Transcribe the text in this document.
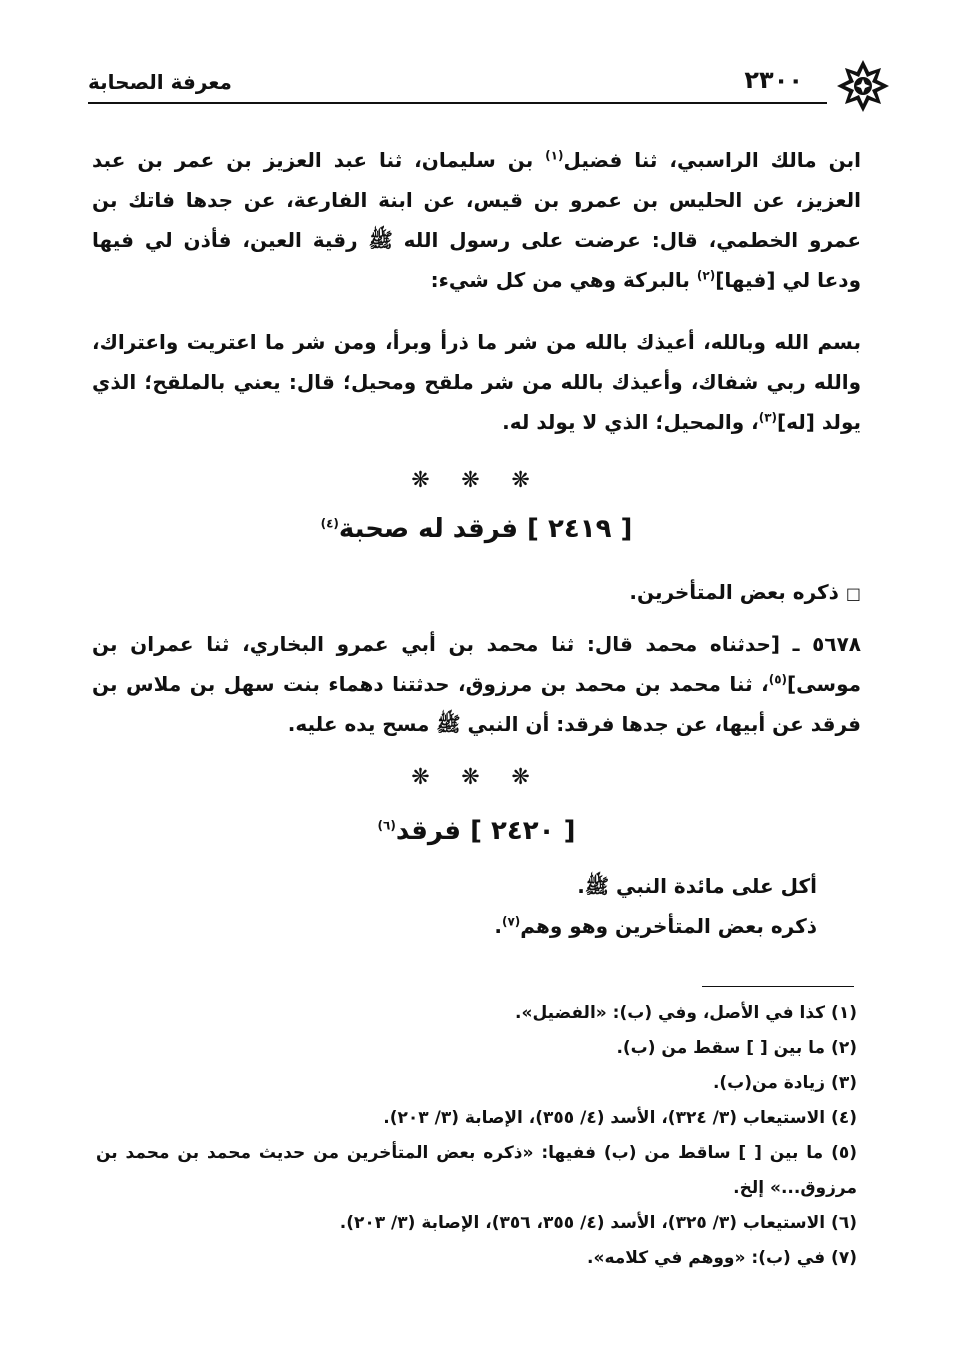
٢٣٠٠
معرفة الصحابة

ابن مالك الراسبي، ثنا فضيل$^{(١)}$ بن سليمان، ثنا عبد العزيز بن عمر بن عبد العزيز، عن الحليس بن عمرو بن قيس، عن ابنة الفارعة، عن جدها فاتك بن عمرو الخطمي، قال: عرضت على رسول الله ﷺ رقية العين، فأذن لي فيها ودعا لي [فيها]$^{(٢)}$ بالبركة وهي من كل شيء:

بسم الله وبالله، أعيذك بالله من شر ما ذرأ وبرأ، ومن شر ما اعتريت واعتراك، والله ربي شفاك، وأعيذك بالله من شر ملقح ومحيل؛ قال: يعني بالملقح؛ الذي يولد [له]$^{(٣)}$، والمحيل؛ الذي لا يولد له.

❋ ❋ ❋
[ ٢٤١٩ ] فرقد له صحبة$^{(٤)}$

□ ذكره بعض المتأخرين.

٥٦٧٨ ـ [حدثناه محمد قال: ثنا محمد بن أبي عمرو البخاري، ثنا عمران بن موسى]$^{(٥)}$، ثنا محمد بن محمد بن مرزوق، حدثتنا دهماء بنت سهل بن ملاس بن فرقد عن أبيها، عن جدها فرقد: أن النبي ﷺ مسح يده عليه.

❋ ❋ ❋
[ ٢٤٢٠ ] فرقد$^{(٦)}$

أكل على مائدة النبي ﷺ.

ذكره بعض المتأخرين وهو وهم$^{(٧)}$.

(١) كذا في الأصل، وفي (ب): «الفضيل».

(٢) ما بين [ ] سقط من (ب).

(٣) زيادة من(ب).

(٤) الاستيعاب (٣/ ٣٢٤)، الأسد (٤/ ٣٥٥)، الإصابة (٣/ ٢٠٣).

(٥) ما بين [ ] ساقط من (ب) ففيها: «ذكره بعض المتأخرين من حديث محمد بن محمد بن مرزوق...» إلخ.

(٦) الاستيعاب (٣/ ٣٢٥)، الأسد (٤/ ٣٥٥، ٣٥٦)، الإصابة (٣/ ٢٠٣).

(٧) في (ب): «ووهم في كلامه».
